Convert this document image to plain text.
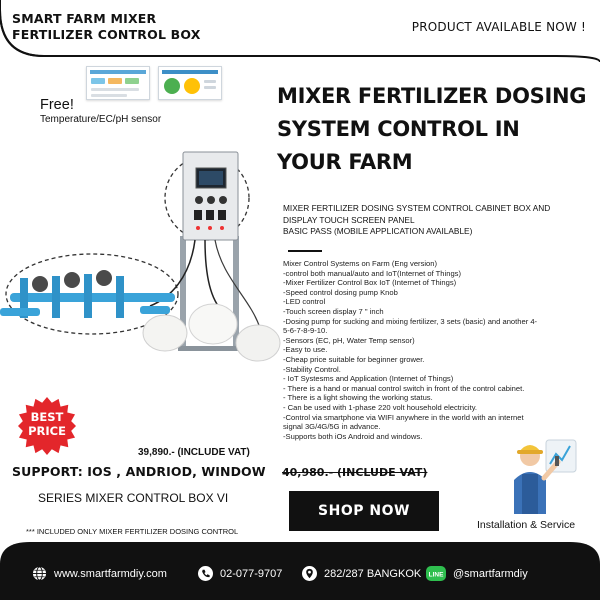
SMART FARM MIXER
FERTILIZER CONTROL BOX	PRODUCT AVAILABLE NOW !
Free!
Temperature/EC/pH sensor
MIXER FERTILIZER DOSING
SYSTEM CONTROL IN
YOUR FARM
MIXER FERTILIZER DOSING SYSTEM CONTROL CABINET BOX AND
DISPLAY TOUCH SCREEN PANEL
BASIC PASS (MOBILE APPLICATION AVAILABLE)
Mixer Control Systems on Farm (Eng version)
-control both manual/auto and IoT(Internet of Things)
-Mixer Fertilizer Control Box IoT (Internet of Things)
-Speed control dosing pump Knob
-LED control
-Touch screen display 7 " inch
-Dosing pump for sucking and mixing fertilizer, 3 sets (basic) and another 4-
5-6-7-8-9-10.
-Sensors (EC, pH, Water Temp sensor)
-Easy to use.
-Cheap price suitable for beginner grower.
-Stability Control.
- IoT Systesms and Application (Internet of Things)
- There is a hand or manual control switch in front of the control cabinet.
- There is a light showing the working status.
- Can be used with 1-phase 220 volt household electricity.
-Control via smartphone via WIFI anywhere in the world with an internet
signal 3G/4G/5G in advance.
-Supports both iOs Android and windows.
BEST
PRICE
39,890.- (INCLUDE VAT)
SUPPORT: IOS , ANDRIOD, WINDOW
SERIES MIXER CONTROL BOX VI
40,980.- (INCLUDE VAT)
SHOP NOW
*** INCLUDED ONLY MIXER FERTILIZER DOSING CONTROL
Installation & Service
www.smartfarmdiy.com	02-077-9707	282/287 BANGKOK LINE @smartfarmdiy
